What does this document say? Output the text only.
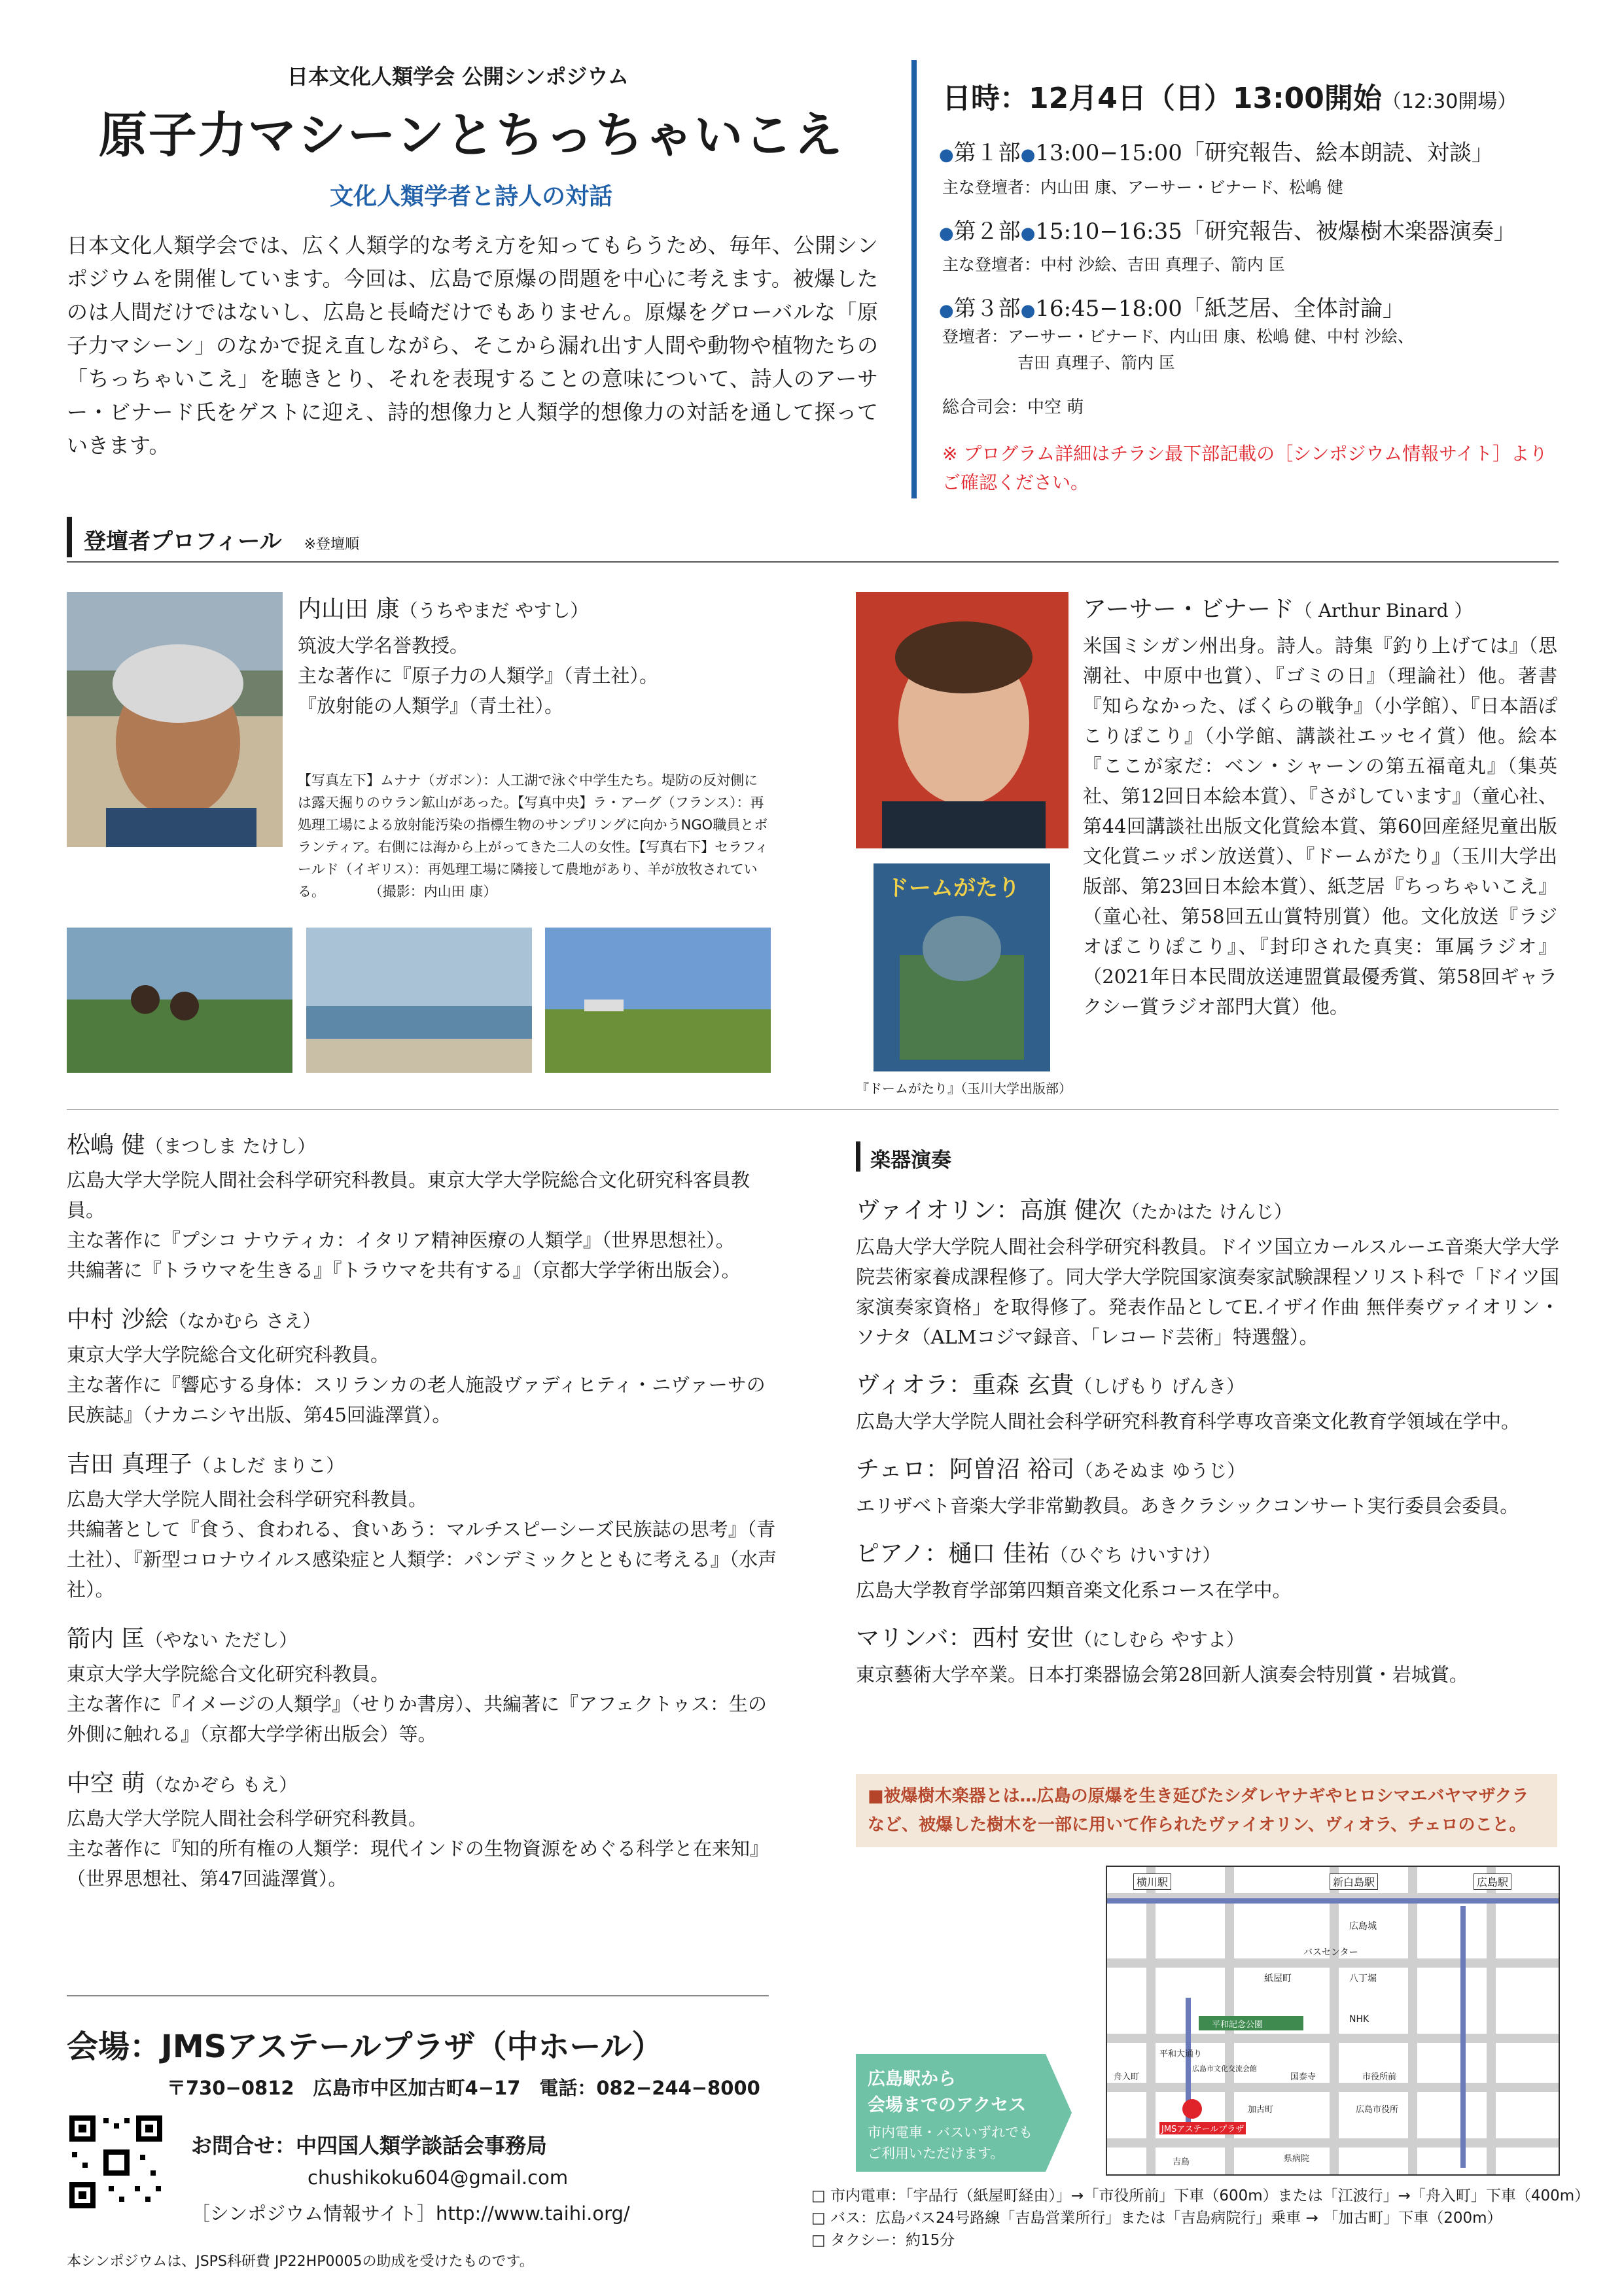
日本文化人類学会 公開シンポジウム
原子力マシーンとちっちゃいこえ
文化人類学者と詩人の対話

日本文化人類学会では、広く人類学的な考え方を知ってもらうため、毎年、公開シンポジウムを開催しています。今回は、広島で原爆の問題を中心に考えます。被爆したのは人間だけではないし、広島と長崎だけでもありません。原爆をグローバルな「原子力マシーン」のなかで捉え直しながら、そこから漏れ出す人間や動物や植物たちの「ちっちゃいこえ」を聴きとり、それを表現することの意味について、詩人のアーサー・ビナード氏をゲストに迎え、詩的想像力と人類学的想像力の対話を通して探っていきます。

日時：12月4日（日）13:00開始（12:30開場）
●第１部●13:00−15:00「研究報告、絵本朗読、対談」
主な登壇者：内山田 康、アーサー・ビナード、松嶋 健
●第２部●15:10−16:35「研究報告、被爆樹木楽器演奏」
主な登壇者：中村 沙絵、吉田 真理子、箭内 匡
●第３部●16:45−18:00「紙芝居、全体討論」
登壇者：アーサー・ビナード、内山田 康、松嶋 健、中村 沙絵、
吉田 真理子、箭内 匡
総合司会：中空 萌

※ プログラム詳細はチラシ最下部記載の［シンポジウム情報サイト］より　ご確認ください。

登壇者プロフィール ※登壇順
内山田 康（うちやまだ やすし）

筑波大学名誉教授。

主な著作に『原子力の人類学』（青土社）。

『放射能の人類学』（青土社）。

【写真左下】ムナナ（ガボン）：人工湖で泳ぐ中学生たち。堤防の反対側には露天掘りのウラン鉱山があった。【写真中央】ラ・アーグ（フランス）：再処理工場による放射能汚染の指標生物のサンプリングに向かうNGO職員とボランティア。右側には海から上がってきた二人の女性。【写真右下】セラフィールド（イギリス）：再処理工場に隣接して農地があり、羊が放牧されている。	（撮影：内山田 康）	ドームがたり
『ドームがたり』（玉川大学出版部）
アーサー・ビナード（ Arthur Binard ）

米国ミシガン州出身。詩人。詩集『釣り上げては』（思潮社、中原中也賞）、『ゴミの日』（理論社）他。著書『知らなかった、ぼくらの戦争』（小学館）、『日本語ぽこりぽこり』（小学館、講談社エッセイ賞）他。絵本『ここが家だ：ベン・シャーンの第五福竜丸』（集英社、第12回日本絵本賞）、『さがしています』（童心社、第44回講談社出版文化賞絵本賞、第60回産経児童出版文化賞ニッポン放送賞）、『ドームがたり』（玉川大学出版部、第23回日本絵本賞）、紙芝居『ちっちゃいこえ』（童心社、第58回五山賞特別賞）他。文化放送『ラジオぽこりぽこり』、『封印された真実：軍属ラジオ』（2021年日本民間放送連盟賞最優秀賞、第58回ギャラクシー賞ラジオ部門大賞）他。

松嶋 健（まつしま たけし）

広島大学大学院人間社会科学研究科教員。東京大学大学院総合文化研究科客員教員。

主な著作に『プシコ ナウティカ：イタリア精神医療の人類学』（世界思想社）。

共編著に『トラウマを生きる』『トラウマを共有する』（京都大学学術出版会）。

中村 沙絵（なかむら さえ）

東京大学大学院総合文化研究科教員。

主な著作に『響応する身体：スリランカの老人施設ヴァディヒティ・ニヴァーサの民族誌』（ナカニシヤ出版、第45回澁澤賞）。

吉田 真理子（よしだ まりこ）

広島大学大学院人間社会科学研究科教員。

共編著として『食う、食われる、食いあう：マルチスピーシーズ民族誌の思考』（青土社）、『新型コロナウイルス感染症と人類学：パンデミックとともに考える』（水声社）。

箭内 匡（やない ただし）

東京大学大学院総合文化研究科教員。

主な著作に『イメージの人類学』（せりか書房）、共編著に『アフェクトゥス：生の外側に触れる』（京都大学学術出版会）等。

中空 萌（なかぞら もえ）

広島大学大学院人間社会科学研究科教員。

主な著作に『知的所有権の人類学：現代インドの生物資源をめぐる科学と在来知』（世界思想社、第47回澁澤賞）。

楽器演奏
ヴァイオリン：高旗 健次（たかはた けんじ）

広島大学大学院人間社会科学研究科教員。ドイツ国立カールスルーエ音楽大学大学院芸術家養成課程修了。同大学大学院国家演奏家試験課程ソリスト科で「ドイツ国家演奏家資格」を取得修了。発表作品としてE.イザイ作曲 無伴奏ヴァイオリン・ソナタ（ALMコジマ録音、「レコード芸術」特選盤）。

ヴィオラ：重森 玄貴（しげもり げんき）

広島大学大学院人間社会科学研究科教育科学専攻音楽文化教育学領域在学中。

チェロ：阿曽沼 裕司（あそぬま ゆうじ）

エリザベト音楽大学非常勤教員。あきクラシックコンサート実行委員会委員。

ピアノ：樋口 佳祐（ひぐち けいすけ）

広島大学教育学部第四類音楽文化系コース在学中。

マリンバ：西村 安世（にしむら やすよ）

東京藝術大学卒業。日本打楽器協会第28回新人演奏会特別賞・岩城賞。

■被爆樹木楽器とは…広島の原爆を生き延びたシダレヤナギやヒロシマエバヤマザクラなど、被爆した樹木を一部に用いて作られたヴァイオリン、ヴィオラ、チェロのこと。

横川駅	新白島駅	広島駅
広島城
バスセンター
紙屋町	八丁堀
平和記念公園
平和大通り
NHK
広島市文化交流会館
国泰寺	市役所前
舟入町
加古町
JMSアステールプラザ
広島市役所
県病院
吉島
広島駅から
会場までのアクセス
市内電車・バスいずれでも
ご利用いただけます。

□ 市内電車：「宇品行（紙屋町経由）」→「市役所前」下車（600m）または「江波行」→「舟入町」下車（400m）

□ バス：広島バス24号路線「吉島営業所行」または「吉島病院行」乗車 → 「加古町」下車（200m）

□ タクシー：約15分

会場：JMSアステールプラザ（中ホール）
〒730−0812　広島市中区加古町4−17　電話：082−244−8000
お問合せ：中四国人類学談話会事務局
chushikoku604@gmail.com
［シンポジウム情報サイト］http://www.taihi.org/
本シンポジウムは、JSPS科研費 JP22HP0005の助成を受けたものです。
